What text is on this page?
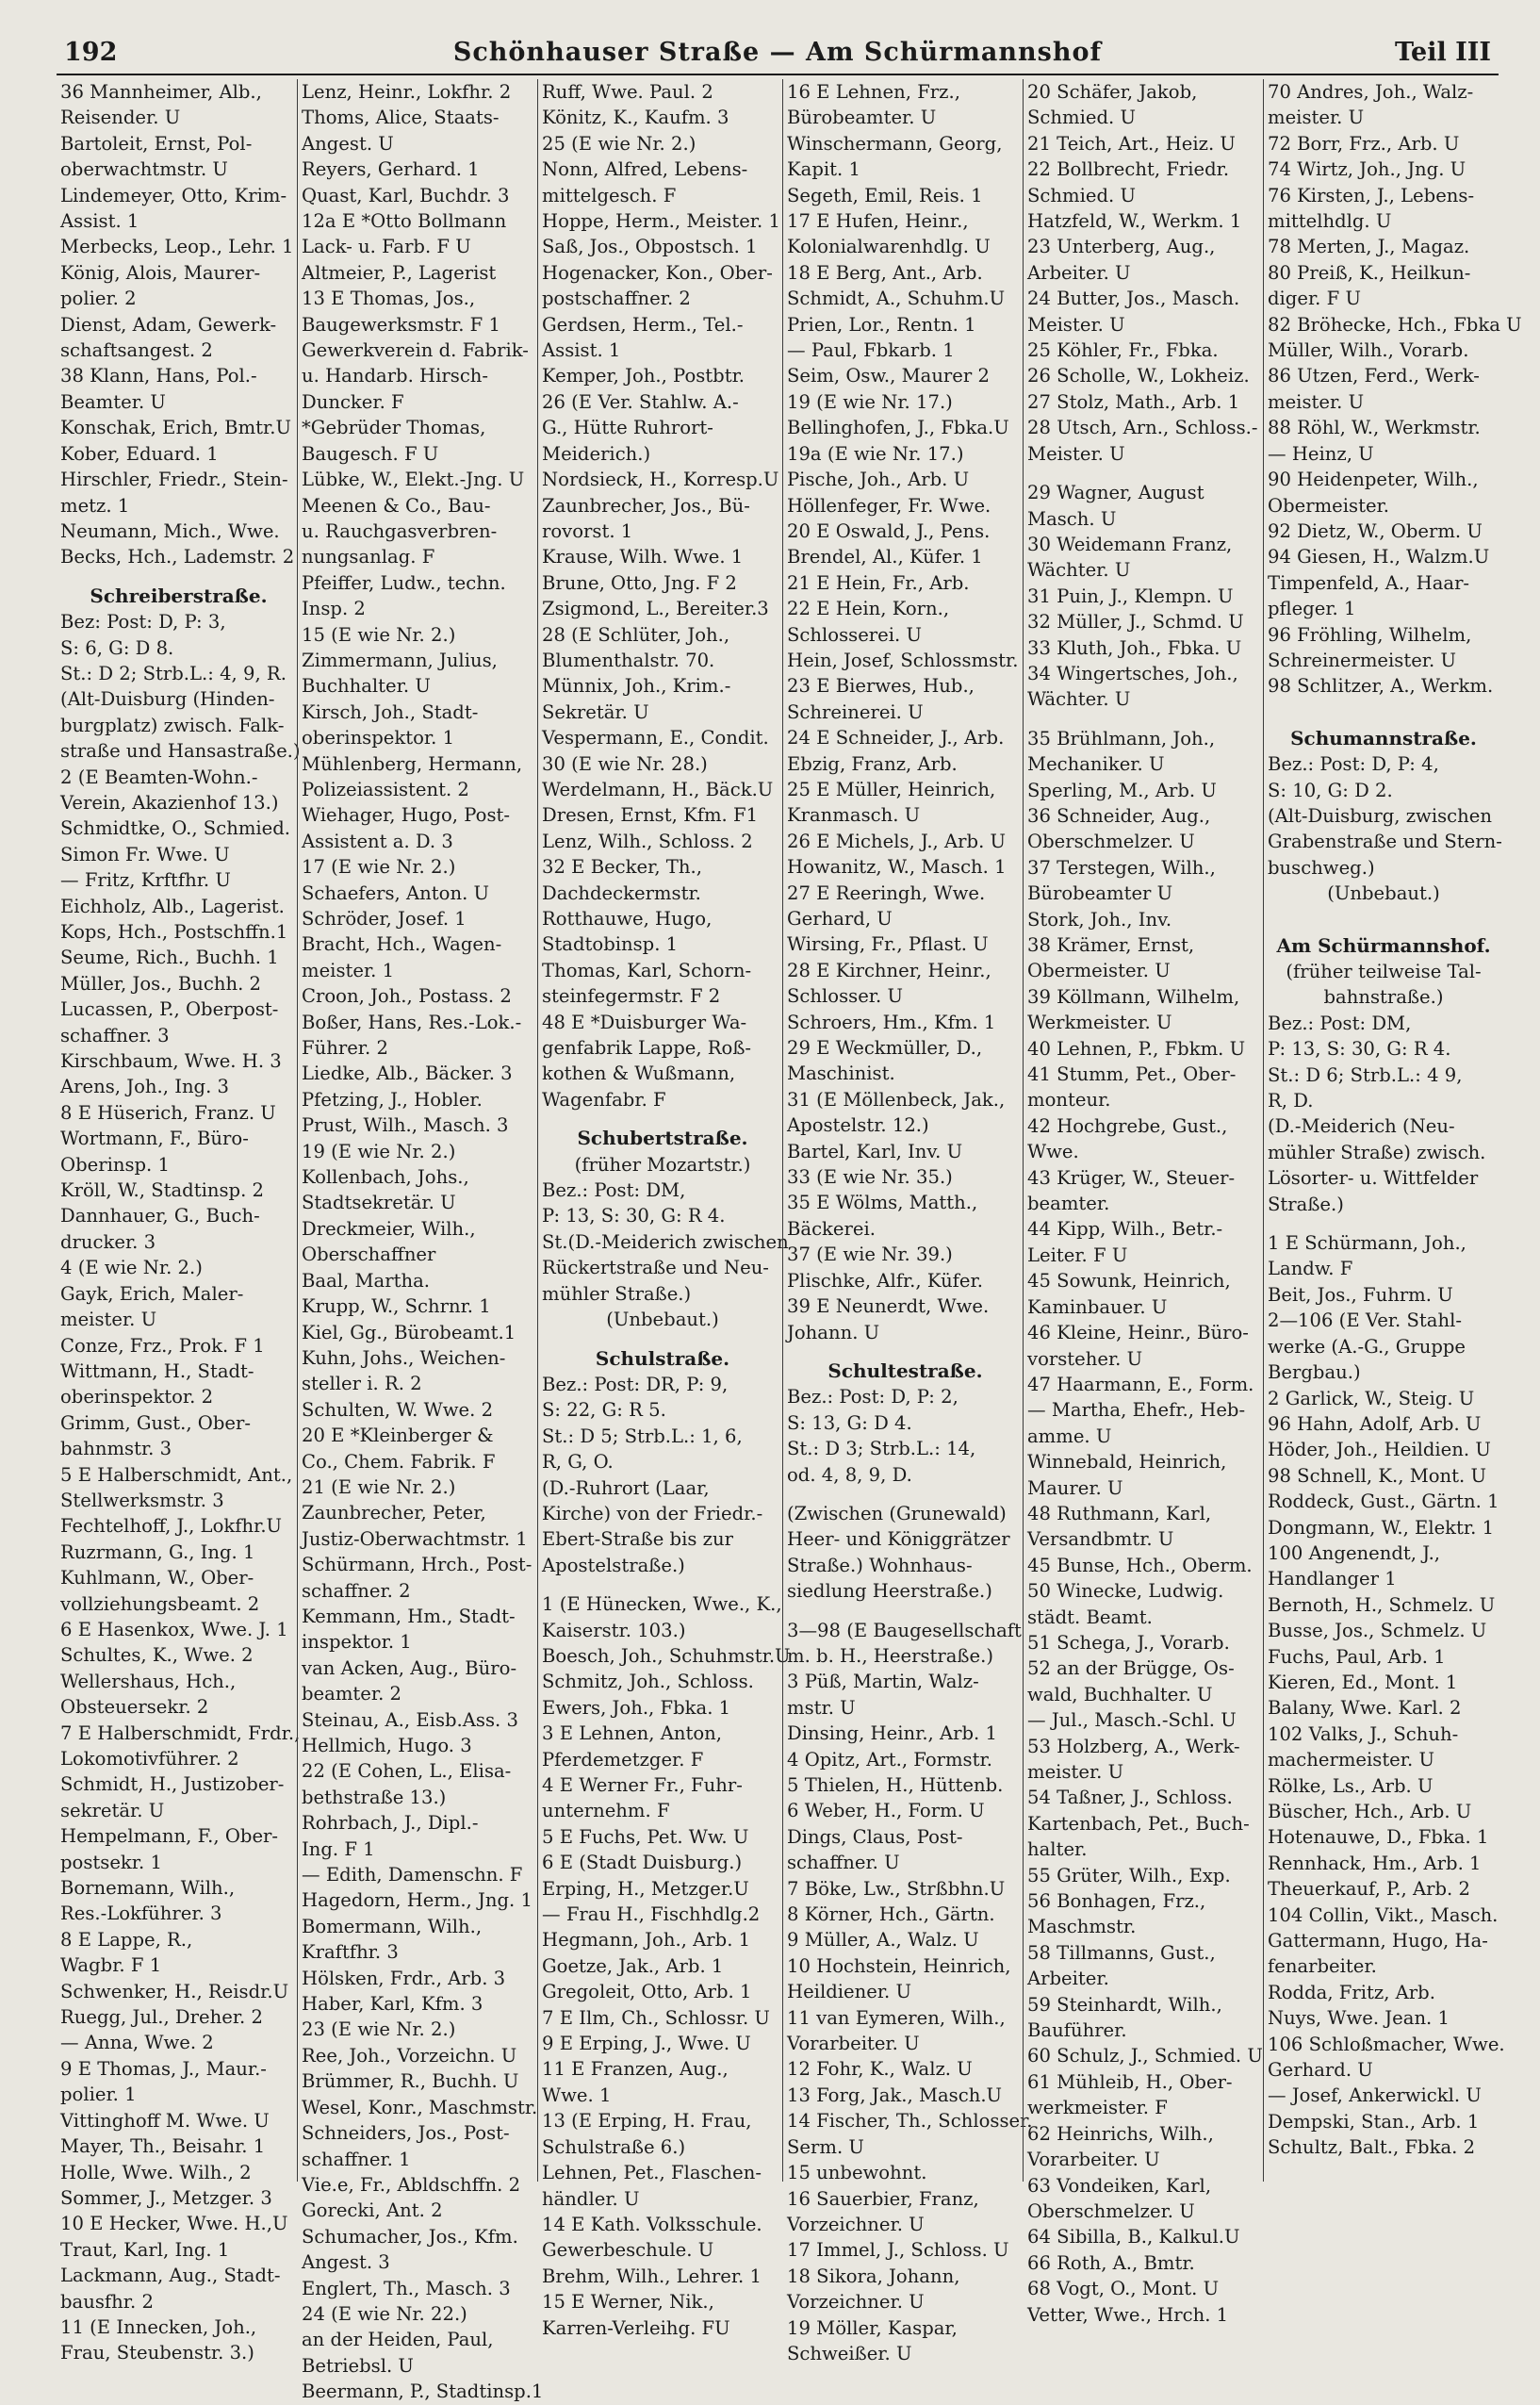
192	Schönhauser Straße — Am Schürmannshof	Teil III
36 Mannheimer, Alb.,
Reisender. U
Bartoleit, Ernst, Pol-
oberwachtmstr. U
Lindemeyer, Otto, Krim-
Assist. 1
Merbecks, Leop., Lehr. 1
König, Alois, Maurer-
polier. 2
Dienst, Adam, Gewerk-
schaftsangest. 2
38 Klann, Hans, Pol.-
Beamter. U
Konschak, Erich, Bmtr.U
Kober, Eduard. 1
Hirschler, Friedr., Stein-
metz. 1
Neumann, Mich., Wwe.
Becks, Hch., Lademstr. 2
Schreiberstraße.
Bez: Post: D, P: 3,
S: 6, G: D 8.
St.: D 2; Strb.L.: 4, 9, R.
(Alt-Duisburg (Hinden-
burgplatz) zwisch. Falk-
straße und Hansastraße.)
2 (E Beamten-Wohn.-
Verein, Akazienhof 13.)
Schmidtke, O., Schmied.
Simon Fr. Wwe. U
— Fritz, Krftfhr. U
Eichholz, Alb., Lagerist.
Kops, Hch., Postschffn.1
Seume, Rich., Buchh. 1
Müller, Jos., Buchh. 2
Lucassen, P., Oberpost-
schaffner. 3
Kirschbaum, Wwe. H. 3
Arens, Joh., Ing. 3
8 E Hüserich, Franz. U
Wortmann, F., Büro-
Oberinsp. 1
Kröll, W., Stadtinsp. 2
Dannhauer, G., Buch-
drucker. 3
4 (E wie Nr. 2.)
Gayk, Erich, Maler-
meister. U
Conze, Frz., Prok. F 1
Wittmann, H., Stadt-
oberinspektor. 2
Grimm, Gust., Ober-
bahnmstr. 3
5 E Halberschmidt, Ant.,
Stellwerksmstr. 3
Fechtelhoff, J., Lokfhr.U
Ruzrmann, G., Ing. 1
Kuhlmann, W., Ober-
vollziehungsbeamt. 2
6 E Hasenkox, Wwe. J. 1
Schultes, K., Wwe. 2
Wellershaus, Hch.,
Obsteuersekr. 2
7 E Halberschmidt, Frdr.,
Lokomotivführer. 2
Schmidt, H., Justizober-
sekretär. U
Hempelmann, F., Ober-
postsekr. 1
Bornemann, Wilh.,
Res.-Lokführer. 3
8 E Lappe, R.,
Wagbr. F 1
Schwenker, H., Reisdr.U
Ruegg, Jul., Dreher. 2
— Anna, Wwe. 2
9 E Thomas, J., Maur.-
polier. 1
Vittinghoff M. Wwe. U
Mayer, Th., Beisahr. 1
Holle, Wwe. Wilh., 2
Sommer, J., Metzger. 3
10 E Hecker, Wwe. H.,U
Traut, Karl, Ing. 1
Lackmann, Aug., Stadt-
bausfhr. 2
11 (E Innecken, Joh.,
Frau, Steubenstr. 3.)
Lenz, Heinr., Lokfhr. 2
Thoms, Alice, Staats-
Angest. U
Reyers, Gerhard. 1
Quast, Karl, Buchdr. 3
12a E *Otto Bollmann
Lack- u. Farb. F U
Altmeier, P., Lagerist
13 E Thomas, Jos.,
Baugewerksmstr. F 1
Gewerkverein d. Fabrik-
u. Handarb. Hirsch-
Duncker. F
*Gebrüder Thomas,
Baugesch. F U
Lübke, W., Elekt.-Jng. U
Meenen & Co., Bau-
u. Rauchgasverbren-
nungsanlag. F
Pfeiffer, Ludw., techn.
Insp. 2
15 (E wie Nr. 2.)
Zimmermann, Julius,
Buchhalter. U
Kirsch, Joh., Stadt-
oberinspektor. 1
Mühlenberg, Hermann,
Polizeiassistent. 2
Wiehager, Hugo, Post-
Assistent a. D. 3
17 (E wie Nr. 2.)
Schaefers, Anton. U
Schröder, Josef. 1
Bracht, Hch., Wagen-
meister. 1
Croon, Joh., Postass. 2
Boßer, Hans, Res.-Lok.-
Führer. 2
Liedke, Alb., Bäcker. 3
Pfetzing, J., Hobler.
Prust, Wilh., Masch. 3
19 (E wie Nr. 2.)
Kollenbach, Johs.,
Stadtsekretär. U
Dreckmeier, Wilh.,
Oberschaffner
Baal, Martha.
Krupp, W., Schrnr. 1
Kiel, Gg., Bürobeamt.1
Kuhn, Johs., Weichen-
steller i. R. 2
Schulten, W. Wwe. 2
20 E *Kleinberger &
Co., Chem. Fabrik. F
21 (E wie Nr. 2.)
Zaunbrecher, Peter,
Justiz-Oberwachtmstr. 1
Schürmann, Hrch., Post-
schaffner. 2
Kemmann, Hm., Stadt-
inspektor. 1
van Acken, Aug., Büro-
beamter. 2
Steinau, A., Eisb.Ass. 3
Hellmich, Hugo. 3
22 (E Cohen, L., Elisa-
bethstraße 13.)
Rohrbach, J., Dipl.-
Ing. F 1
— Edith, Damenschn. F
Hagedorn, Herm., Jng. 1
Bomermann, Wilh.,
Kraftfhr. 3
Hölsken, Frdr., Arb. 3
Haber, Karl, Kfm. 3
23 (E wie Nr. 2.)
Ree, Joh., Vorzeichn. U
Brümmer, R., Buchh. U
Wesel, Konr., Maschmstr.
Schneiders, Jos., Post-
schaffner. 1
Vie.e, Fr., Abldschffn. 2
Gorecki, Ant. 2
Schumacher, Jos., Kfm.
Angest. 3
Englert, Th., Masch. 3
24 (E wie Nr. 22.)
an der Heiden, Paul,
Betriebsl. U
Beermann, P., Stadtinsp.1
Ruff, Wwe. Paul. 2
Könitz, K., Kaufm. 3
25 (E wie Nr. 2.)
Nonn, Alfred, Lebens-
mittelgesch. F
Hoppe, Herm., Meister. 1
Saß, Jos., Obpostsch. 1
Hogenacker, Kon., Ober-
postschaffner. 2
Gerdsen, Herm., Tel.-
Assist. 1
Kemper, Joh., Postbtr.
26 (E Ver. Stahlw. A.-
G., Hütte Ruhrort-
Meiderich.)
Nordsieck, H., Korresp.U
Zaunbrecher, Jos., Bü-
rovorst. 1
Krause, Wilh. Wwe. 1
Brune, Otto, Jng. F 2
Zsigmond, L., Bereiter.3
28 (E Schlüter, Joh.,
Blumenthalstr. 70.
Münnix, Joh., Krim.-
Sekretär. U
Vespermann, E., Condit.
30 (E wie Nr. 28.)
Werdelmann, H., Bäck.U
Dresen, Ernst, Kfm. F1
Lenz, Wilh., Schloss. 2
32 E Becker, Th.,
Dachdeckermstr.
Rotthauwe, Hugo,
Stadtobinsp. 1
Thomas, Karl, Schorn-
steinfegermstr. F 2
48 E *Duisburger Wa-
genfabrik Lappe, Roß-
kothen & Wußmann,
Wagenfabr. F
Schubertstraße.
(früher Mozartstr.)
Bez.: Post: DM,
P: 13, S: 30, G: R 4.
St.(D.-Meiderich zwischen
Rückertstraße und Neu-
mühler Straße.)
(Unbebaut.)
Schulstraße.
Bez.: Post: DR, P: 9,
S: 22, G: R 5.
St.: D 5; Strb.L.: 1, 6,
R, G, O.
(D.-Ruhrort (Laar,
Kirche) von der Friedr.-
Ebert-Straße bis zur
Apostelstraße.)
1 (E Hünecken, Wwe., K.,
Kaiserstr. 103.)
Boesch, Joh., Schuhmstr.U
Schmitz, Joh., Schloss.
Ewers, Joh., Fbka. 1
3 E Lehnen, Anton,
Pferdemetzger. F
4 E Werner Fr., Fuhr-
unternehm. F
5 E Fuchs, Pet. Ww. U
6 E (Stadt Duisburg.)
Erping, H., Metzger.U
— Frau H., Fischhdlg.2
Hegmann, Joh., Arb. 1
Goetze, Jak., Arb. 1
Gregoleit, Otto, Arb. 1
7 E Ilm, Ch., Schlossr. U
9 E Erping, J., Wwe. U
11 E Franzen, Aug.,
Wwe. 1
13 (E Erping, H. Frau,
Schulstraße 6.)
Lehnen, Pet., Flaschen-
händler. U
14 E Kath. Volksschule.
Gewerbeschule. U
Brehm, Wilh., Lehrer. 1
15 E Werner, Nik.,
Karren-Verleihg. FU
16 E Lehnen, Frz.,
Bürobeamter. U
Winschermann, Georg,
Kapit. 1
Segeth, Emil, Reis. 1
17 E Hufen, Heinr.,
Kolonialwarenhdlg. U
18 E Berg, Ant., Arb.
Schmidt, A., Schuhm.U
Prien, Lor., Rentn. 1
— Paul, Fbkarb. 1
Seim, Osw., Maurer 2
19 (E wie Nr. 17.)
Bellinghofen, J., Fbka.U
19a (E wie Nr. 17.)
Pische, Joh., Arb. U
Höllenfeger, Fr. Wwe.
20 E Oswald, J., Pens.
Brendel, Al., Küfer. 1
21 E Hein, Fr., Arb.
22 E Hein, Korn.,
Schlosserei. U
Hein, Josef, Schlossmstr.
23 E Bierwes, Hub.,
Schreinerei. U
24 E Schneider, J., Arb.
Ebzig, Franz, Arb.
25 E Müller, Heinrich,
Kranmasch. U
26 E Michels, J., Arb. U
Howanitz, W., Masch. 1
27 E Reeringh, Wwe.
Gerhard, U
Wirsing, Fr., Pflast. U
28 E Kirchner, Heinr.,
Schlosser. U
Schroers, Hm., Kfm. 1
29 E Weckmüller, D.,
Maschinist.
31 (E Möllenbeck, Jak.,
Apostelstr. 12.)
Bartel, Karl, Inv. U
33 (E wie Nr. 35.)
35 E Wölms, Matth.,
Bäckerei.
37 (E wie Nr. 39.)
Plischke, Alfr., Küfer.
39 E Neunerdt, Wwe.
Johann. U
Schultestraße.
Bez.: Post: D, P: 2,
S: 13, G: D 4.
St.: D 3; Strb.L.: 14,
od. 4, 8, 9, D.
(Zwischen (Grunewald)
Heer- und Königgrätzer
Straße.) Wohnhaus-
siedlung Heerstraße.)
3—98 (E Baugesellschaft
m. b. H., Heerstraße.)
3 Püß, Martin, Walz-
mstr. U
Dinsing, Heinr., Arb. 1
4 Opitz, Art., Formstr.
5 Thielen, H., Hüttenb.
6 Weber, H., Form. U
Dings, Claus, Post-
schaffner. U
7 Böke, Lw., Strßbhn.U
8 Körner, Hch., Gärtn.
9 Müller, A., Walz. U
10 Hochstein, Heinrich,
Heildiener. U
11 van Eymeren, Wilh.,
Vorarbeiter. U
12 Fohr, K., Walz. U
13 Forg, Jak., Masch.U
14 Fischer, Th., Schlosser.
Serm. U
15 unbewohnt.
16 Sauerbier, Franz,
Vorzeichner. U
17 Immel, J., Schloss. U
18 Sikora, Johann,
Vorzeichner. U
19 Möller, Kaspar,
Schweißer. U
20 Schäfer, Jakob,
Schmied. U
21 Teich, Art., Heiz. U
22 Bollbrecht, Friedr.
Schmied. U
Hatzfeld, W., Werkm. 1
23 Unterberg, Aug.,
Arbeiter. U
24 Butter, Jos., Masch.
Meister. U
25 Köhler, Fr., Fbka.
26 Scholle, W., Lokheiz.
27 Stolz, Math., Arb. 1
28 Utsch, Arn., Schloss.-
Meister. U
29 Wagner, August
Masch. U
30 Weidemann Franz,
Wächter. U
31 Puin, J., Klempn. U
32 Müller, J., Schmd. U
33 Kluth, Joh., Fbka. U
34 Wingertsches, Joh.,
Wächter. U
35 Brühlmann, Joh.,
Mechaniker. U
Sperling, M., Arb. U
36 Schneider, Aug.,
Oberschmelzer. U
37 Terstegen, Wilh.,
Bürobeamter U
Stork, Joh., Inv.
38 Krämer, Ernst,
Obermeister. U
39 Köllmann, Wilhelm,
Werkmeister. U
40 Lehnen, P., Fbkm. U
41 Stumm, Pet., Ober-
monteur.
42 Hochgrebe, Gust.,
Wwe.
43 Krüger, W., Steuer-
beamter.
44 Kipp, Wilh., Betr.-
Leiter. F U
45 Sowunk, Heinrich,
Kaminbauer. U
46 Kleine, Heinr., Büro-
vorsteher. U
47 Haarmann, E., Form.
— Martha, Ehefr., Heb-
amme. U
Winnebald, Heinrich,
Maurer. U
48 Ruthmann, Karl,
Versandbmtr. U
45 Bunse, Hch., Oberm.
50 Winecke, Ludwig.
städt. Beamt.
51 Schega, J., Vorarb.
52 an der Brügge, Os-
wald, Buchhalter. U
— Jul., Masch.-Schl. U
53 Holzberg, A., Werk-
meister. U
54 Taßner, J., Schloss.
Kartenbach, Pet., Buch-
halter.
55 Grüter, Wilh., Exp.
56 Bonhagen, Frz.,
Maschmstr.
58 Tillmanns, Gust.,
Arbeiter.
59 Steinhardt, Wilh.,
Bauführer.
60 Schulz, J., Schmied. U
61 Mühleib, H., Ober-
werkmeister. F
62 Heinrichs, Wilh.,
Vorarbeiter. U
63 Vondeiken, Karl,
Oberschmelzer. U
64 Sibilla, B., Kalkul.U
66 Roth, A., Bmtr.
68 Vogt, O., Mont. U
Vetter, Wwe., Hrch. 1
70 Andres, Joh., Walz-
meister. U
72 Borr, Frz., Arb. U
74 Wirtz, Joh., Jng. U
76 Kirsten, J., Lebens-
mittelhdlg. U
78 Merten, J., Magaz.
80 Preiß, K., Heilkun-
diger. F U
82 Bröhecke, Hch., Fbka U
Müller, Wilh., Vorarb.
86 Utzen, Ferd., Werk-
meister. U
88 Röhl, W., Werkmstr.
— Heinz, U
90 Heidenpeter, Wilh.,
Obermeister.
92 Dietz, W., Oberm. U
94 Giesen, H., Walzm.U
Timpenfeld, A., Haar-
pfleger. 1
96 Fröhling, Wilhelm,
Schreinermeister. U
98 Schlitzer, A., Werkm.
Schumannstraße.
Bez.: Post: D, P: 4,
S: 10, G: D 2.
(Alt-Duisburg, zwischen
Grabenstraße und Stern-
buschweg.)
(Unbebaut.)
Am Schürmannshof.
(früher teilweise Tal-
bahnstraße.)
Bez.: Post: DM,
P: 13, S: 30, G: R 4.
St.: D 6; Strb.L.: 4 9,
R, D.
(D.-Meiderich (Neu-
mühler Straße) zwisch.
Lösorter- u. Wittfelder
Straße.)
1 E Schürmann, Joh.,
Landw. F
Beit, Jos., Fuhrm. U
2—106 (E Ver. Stahl-
werke (A.-G., Gruppe
Bergbau.)
2 Garlick, W., Steig. U
96 Hahn, Adolf, Arb. U
Höder, Joh., Heildien. U
98 Schnell, K., Mont. U
Roddeck, Gust., Gärtn. 1
Dongmann, W., Elektr. 1
100 Angenendt, J.,
Handlanger 1
Bernoth, H., Schmelz. U
Busse, Jos., Schmelz. U
Fuchs, Paul, Arb. 1
Kieren, Ed., Mont. 1
Balany, Wwe. Karl. 2
102 Valks, J., Schuh-
machermeister. U
Rölke, Ls., Arb. U
Büscher, Hch., Arb. U
Hotenauwe, D., Fbka. 1
Rennhack, Hm., Arb. 1
Theuerkauf, P., Arb. 2
104 Collin, Vikt., Masch.
Gattermann, Hugo, Ha-
fenarbeiter.
Rodda, Fritz, Arb.
Nuys, Wwe. Jean. 1
106 Schloßmacher, Wwe.
Gerhard. U
— Josef, Ankerwickl. U
Dempski, Stan., Arb. 1
Schultz, Balt., Fbka. 2
